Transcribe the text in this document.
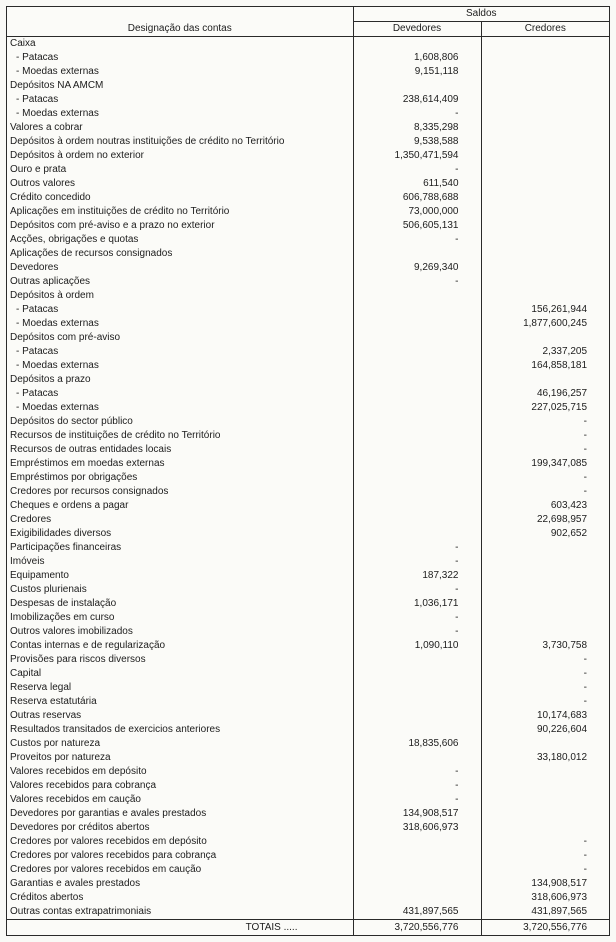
Designação das contas	Saldos	
	Devedores	Credores
Caixa		
- Patacas	1,608,806	
- Moedas externas	9,151,118	
Depósitos NA AMCM		
- Patacas	238,614,409	
- Moedas externas	-	
Valores a cobrar	8,335,298	
Depósitos à ordem noutras instituições de crédito no Território	9,538,588	
Depósitos à ordem no exterior	1,350,471,594	
Ouro e prata	-	
Outros valores	611,540	
Crédito concedido	606,788,688	
Aplicações em instituições de crédito no Território	73,000,000	
Depósitos com pré-aviso e a prazo no exterior	506,605,131	
Acções, obrigações e quotas	-	
Aplicações de recursos consignados		
Devedores	9,269,340	
Outras aplicações	-	
Depósitos à ordem		
- Patacas		156,261,944
- Moedas externas		1,877,600,245
Depósitos com pré-aviso		
- Patacas		2,337,205
- Moedas externas		164,858,181
Depósitos a prazo		
- Patacas		46,196,257
- Moedas externas		227,025,715
Depósitos do sector público		-
Recursos de instituições de crédito no Território		-
Recursos de outras entidades locais		-
Empréstimos em moedas externas		199,347,085
Empréstimos por obrigações		-
Credores por recursos consignados		-
Cheques e ordens a pagar		603,423
Credores		22,698,957
Exigibilidades diversos		902,652
Participações financeiras	-	
Imóveis	-	
Equipamento	187,322	
Custos plurienais	-	
Despesas de instalação	1,036,171	
Imobilizações em curso	-	
Outros valores imobilizados	-	
Contas internas e de regularização	1,090,110	3,730,758
Provisões para riscos diversos		-
Capital		-
Reserva legal		-
Reserva estatutária		-
Outras reservas		10,174,683
Resultados transitados de exercicios anteriores		90,226,604
Custos por natureza	18,835,606	
Proveitos por natureza		33,180,012
Valores recebidos em depósito	-	
Valores recebidos para cobrança	-	
Valores recebidos em caução	-	
Devedores por garantias e avales prestados	134,908,517	
Devedores por créditos abertos	318,606,973	
Credores por valores recebidos em depósito		-
Credores por valores recebidos para cobrança		-
Credores por valores recebidos em caução		-
Garantias e avales prestados		134,908,517
Créditos abertos		318,606,973
Outras contas extrapatrimoniais	431,897,565	431,897,565
TOTAIS .....	3,720,556,776	3,720,556,776
